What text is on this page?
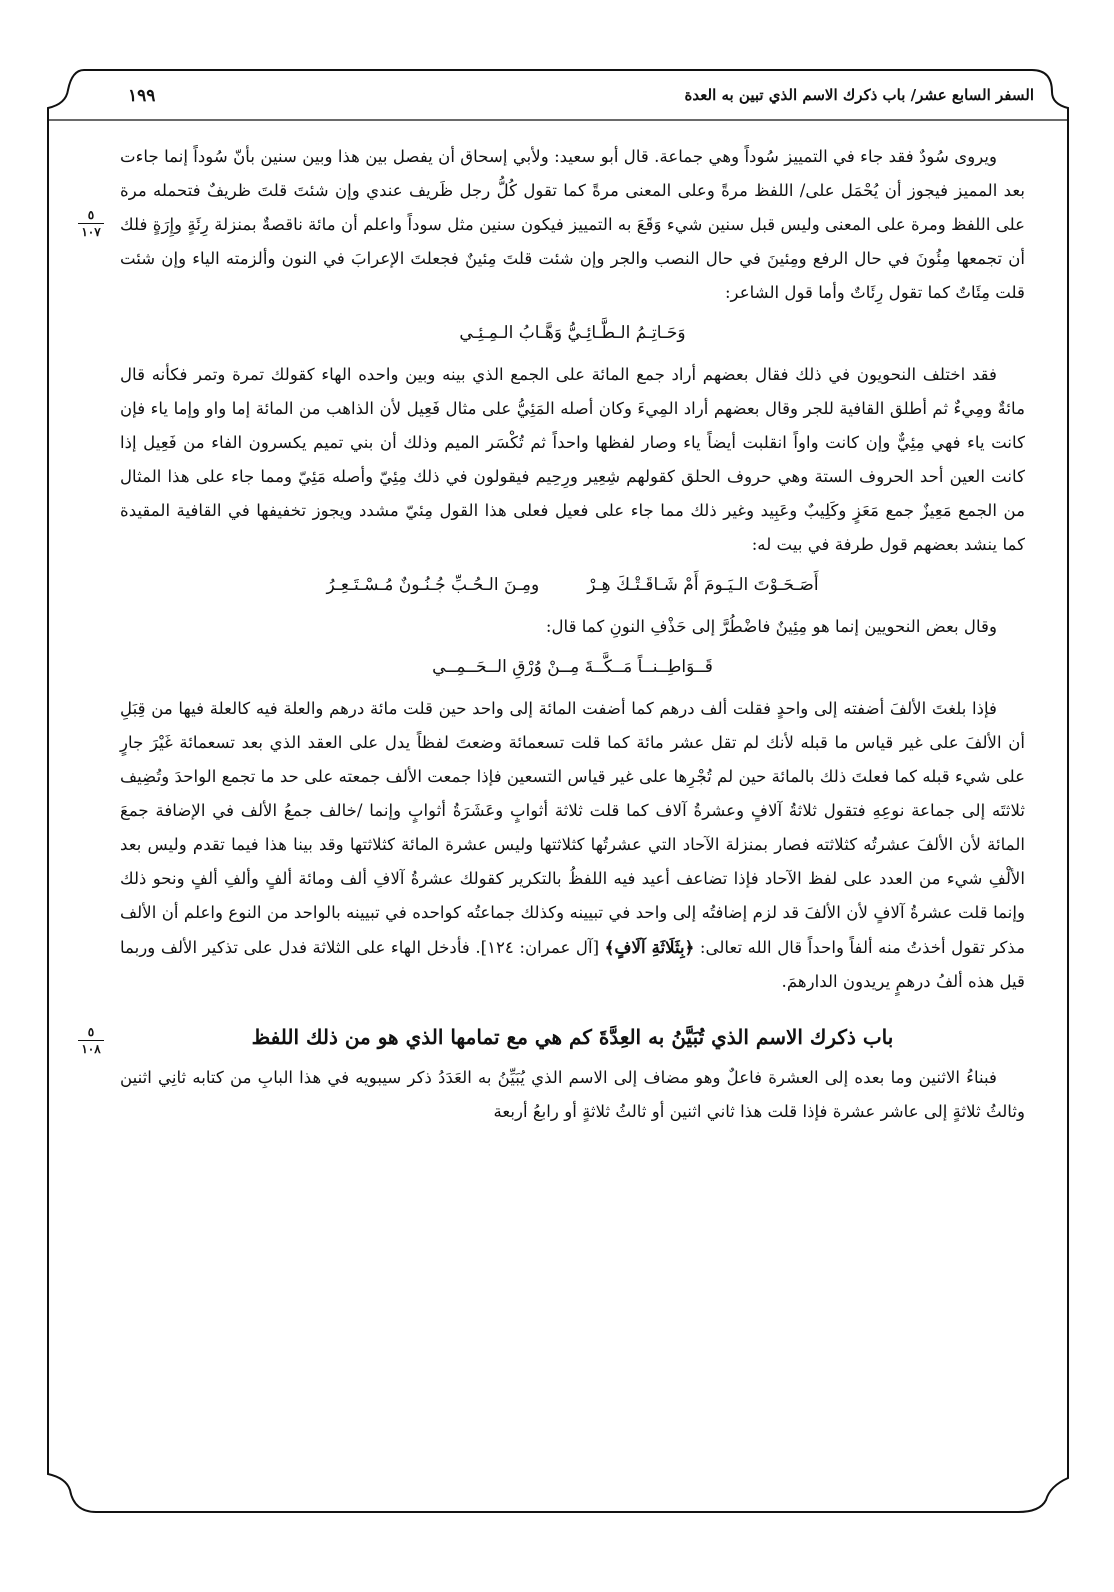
السفر السابع عشر/ باب ذكرك الاسم الذي تبين به العدة
١٩٩
٥
١٠٧
٥
١٠٨

ويروى سُودٌ فقد جاء في التمييز سُوداً وهي جماعة. قال أبو سعيد: ولأبي إسحاق أن يفصل بين هذا وبين سنين بأنّ سُوداً إنما جاءت بعد المميز فيجوز أن يُحْمَل على/ اللفظ مرةً وعلى المعنى مرةً كما تقول كُلُّ رجل ظَريف عندي وإن شئتَ قلتَ ظريفٌ فتحمله مرة على اللفظ ومرة على المعنى وليس قبل سنين شيء وَقَعَ به التمييز فيكون سنين مثل سوداً واعلم أن مائة ناقصةٌ بمنزلة رِئَةٍ وإِرَةٍ فلك أن تجمعها مِئُونَ في حال الرفع ومِئينَ في حال النصب والجر وإن شئت قلتَ مِئينٌ فجعلتَ الإعرابَ في النون وألزمته الياء وإن شئت قلت مِئَاتٌ كما تقول رِئَاتٌ وأما قول الشاعر:

وَحَـاتِـمُ الـطَّـائِـيُّ وَهَّـابُ الـمِـئِـي

فقد اختلف النحويون في ذلك فقال بعضهم أراد جمع المائة على الجمع الذي بينه وبين واحده الهاء كقولك تمرة وتمر فكأنه قال مائةٌ ومِيءٌ ثم أطلق القافية للجر وقال بعضهم أراد المِيءَ وكان أصله المَئِيُّ على مثال فَعِيل لأن الذاهب من المائة إما واو وإما ياء فإن كانت ياء فهي مِئِيٌّ وإن كانت واواً انقلبت أيضاً ياء وصار لفظها واحداً ثم تُكْسَر الميم وذلك أن بني تميم يكسرون الفاء من فَعِيل إذا كانت العين أحد الحروف الستة وهي حروف الحلق كقولهم شِعِير ورِحِيم فيقولون في ذلك مِئِيّ وأصله مَئِيّ ومما جاء على هذا المثال من الجمع مَعِيزٌ جمع مَعَزٍ وكَلِيبٌ وعَبِيد وغير ذلك مما جاء على فعيل فعلى هذا القول مِئيّ مشدد ويجوز تخفيفها في القافية المقيدة كما ينشد بعضهم قول طرفة في بيت له:

أَصَـحَـوْتَ الـيَـومَ أَمْ شَـاقَـتْـكَ هِـرْ
ومِـنَ الـحُـبِّ جُـنُـونٌ مُـسْـتَـعِـرُ

وقال بعض النحويين إنما هو مِئِينٌ فاضْطُرَّ إلى حَذْفِ النونِ كما قال:

قَــوَاطِــنــاً مَــكَّــةَ مِــنْ وُرْقِ الــحَــمِــي

فإذا بلغتَ الألفَ أضفته إلى واحدٍ فقلت ألف درهم كما أضفت المائة إلى واحد حين قلت مائة درهم والعلة فيه كالعلة فيها من قِبَلِ أن الألفَ على غير قياس ما قبله لأنك لم تقل عشر مائة كما قلت تسعمائة وضعتَ لفظاً يدل على العقد الذي بعد تسعمائة غَيْرَ جارٍ على شيء قبله كما فعلتَ ذلك بالمائة حين لم تُجْرِها على غير قياس التسعين فإذا جمعت الألف جمعته على حد ما تجمع الواحدَ وتُضِيف ثلاثتَه إلى جماعة نوعِهِ فتقول ثلاثةُ آلافٍ وعشرةُ آلاف كما قلت ثلاثة أثوابٍ وعَشَرَةُ أثوابٍ وإنما /خالف جمعُ الألف في الإضافة جمعَ المائة لأن الألفَ عشرتُه كثلاثته فصار بمنزلة الآحاد التي عشرتُها كثلاثتها وليس عشرة المائة كثلاثتها وقد بينا هذا فيما تقدم وليس بعد الألْفِ شيء من العدد على لفظ الآحاد فإذا تضاعف أعيد فيه اللفظُ بالتكرير كقولك عشرةُ آلافِ ألف ومائة ألفٍ وألفِ ألفٍ ونحو ذلك وإنما قلت عشرةُ آلافٍ لأن الألفَ قد لزم إضافتُه إلى واحد في تبيينه وكذلك جماعتُه كواحده في تبيينه بالواحد من النوع واعلم أن الألف مذكر تقول أخذتُ منه ألفاً واحداً قال الله تعالى: ﴿بِثَلَاثَةِ آلَافٍ﴾ [آل عمران: ١٢٤]. فأدخل الهاء على الثلاثة فدل على تذكير الألف وربما قيل هذه ألفُ درهمٍ يريدون الدارهمَ.

باب ذكرك الاسم الذي تُبَيَّنُ به العِدَّةَ كم هي مع تمامها الذي هو من ذلك اللفظ

فبناءُ الاثنين وما بعده إلى العشرة فاعلٌ وهو مضاف إلى الاسم الذي يُبَيِّنُ به العَدَدُ ذكر سيبويه في هذا البابِ من كتابه ثانِي اثنين وثالثُ ثلاثةٍ إلى عاشر عشرة فإذا قلت هذا ثاني اثنين أو ثالثُ ثلاثةٍ أو رابعُ أربعة
